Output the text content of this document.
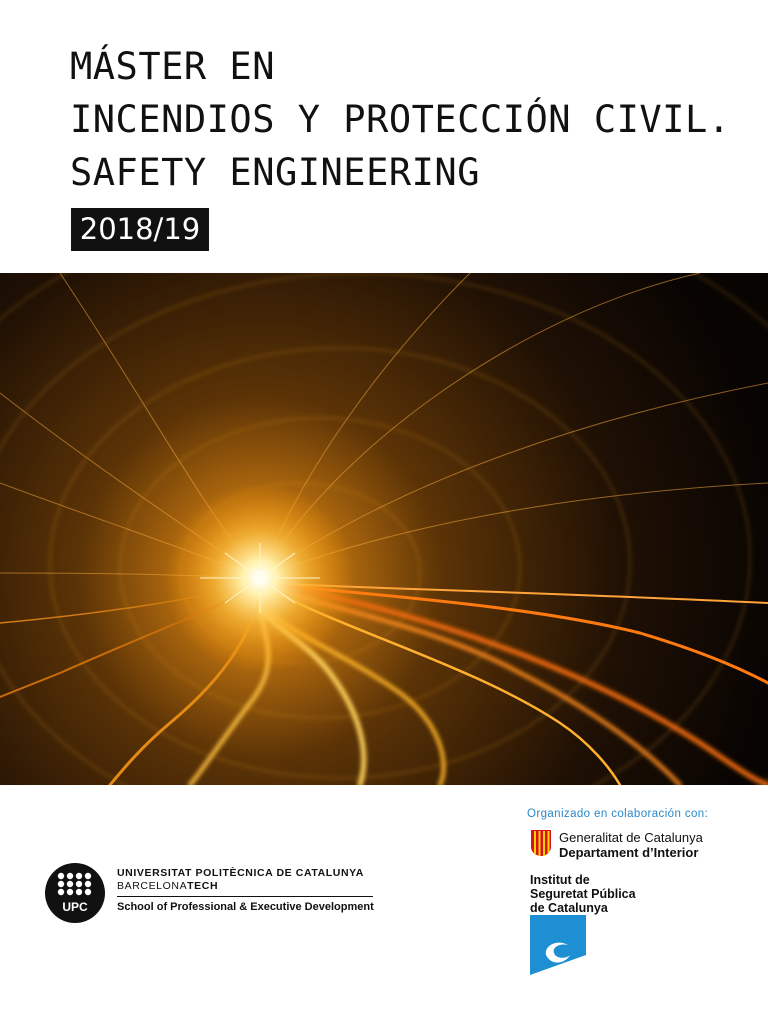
MÁSTER EN
INCENDIOS Y PROTECCIÓN CIVIL.
SAFETY ENGINEERING
2018/19
Organizado en colaboración con:
Generalitat de Catalunya
Departament d’Interior
Institut de
Seguretat Pública
de Catalunya
UPC
UNIVERSITAT POLITÈCNICA DE CATALUNYA
BARCELONATECH
School of Professional & Executive Development
